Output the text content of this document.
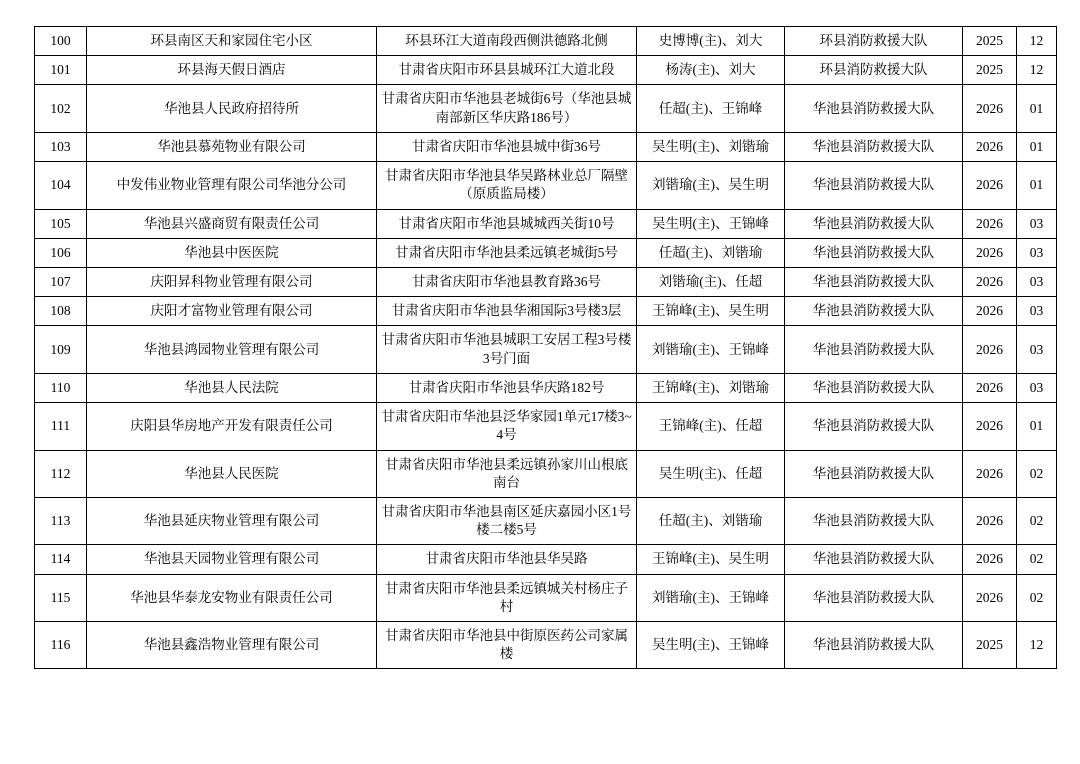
100	环县南区天和家园住宅小区	环县环江大道南段西侧洪德路北侧	史博博(主)、刘大	环县消防救援大队	2025	12
101	环县海天假日酒店	甘肃省庆阳市环县县城环江大道北段	杨涛(主)、刘大	环县消防救援大队	2025	12
102	华池县人民政府招待所	甘肃省庆阳市华池县老城街6号（华池县城南部新区华庆路186号）	任超(主)、王锦峰	华池县消防救援大队	2026	01
103	华池县慕苑物业有限公司	甘肃省庆阳市华池县城中街36号	吴生明(主)、刘锴瑜	华池县消防救援大队	2026	01
104	中发伟业物业管理有限公司华池分公司	甘肃省庆阳市华池县华吴路林业总厂隔壁（原质监局楼）	刘锴瑜(主)、吴生明	华池县消防救援大队	2026	01
105	华池县兴盛商贸有限责任公司	甘肃省庆阳市华池县城城西关街10号	吴生明(主)、王锦峰	华池县消防救援大队	2026	03
106	华池县中医医院	甘肃省庆阳市华池县柔远镇老城街5号	任超(主)、刘锴瑜	华池县消防救援大队	2026	03
107	庆阳昇科物业管理有限公司	甘肃省庆阳市华池县教育路36号	刘锴瑜(主)、任超	华池县消防救援大队	2026	03
108	庆阳才富物业管理有限公司	甘肃省庆阳市华池县华湘国际3号楼3层	王锦峰(主)、吴生明	华池县消防救援大队	2026	03
109	华池县鸿园物业管理有限公司	甘肃省庆阳市华池县城职工安居工程3号楼3号门面	刘锴瑜(主)、王锦峰	华池县消防救援大队	2026	03
110	华池县人民法院	甘肃省庆阳市华池县华庆路182号	王锦峰(主)、刘锴瑜	华池县消防救援大队	2026	03
111	庆阳县华房地产开发有限责任公司	甘肃省庆阳市华池县泛华家园1单元17楼3~4号	王锦峰(主)、任超	华池县消防救援大队	2026	01
112	华池县人民医院	甘肃省庆阳市华池县柔远镇孙家川山根底南台	吴生明(主)、任超	华池县消防救援大队	2026	02
113	华池县延庆物业管理有限公司	甘肃省庆阳市华池县南区延庆嘉园小区1号楼二楼5号	任超(主)、刘锴瑜	华池县消防救援大队	2026	02
114	华池县天园物业管理有限公司	甘肃省庆阳市华池县华吴路	王锦峰(主)、吴生明	华池县消防救援大队	2026	02
115	华池县华泰龙安物业有限责任公司	甘肃省庆阳市华池县柔远镇城关村杨庄子村	刘锴瑜(主)、王锦峰	华池县消防救援大队	2026	02
116	华池县鑫浩物业管理有限公司	甘肃省庆阳市华池县中街原医药公司家属楼	吴生明(主)、王锦峰	华池县消防救援大队	2025	12
